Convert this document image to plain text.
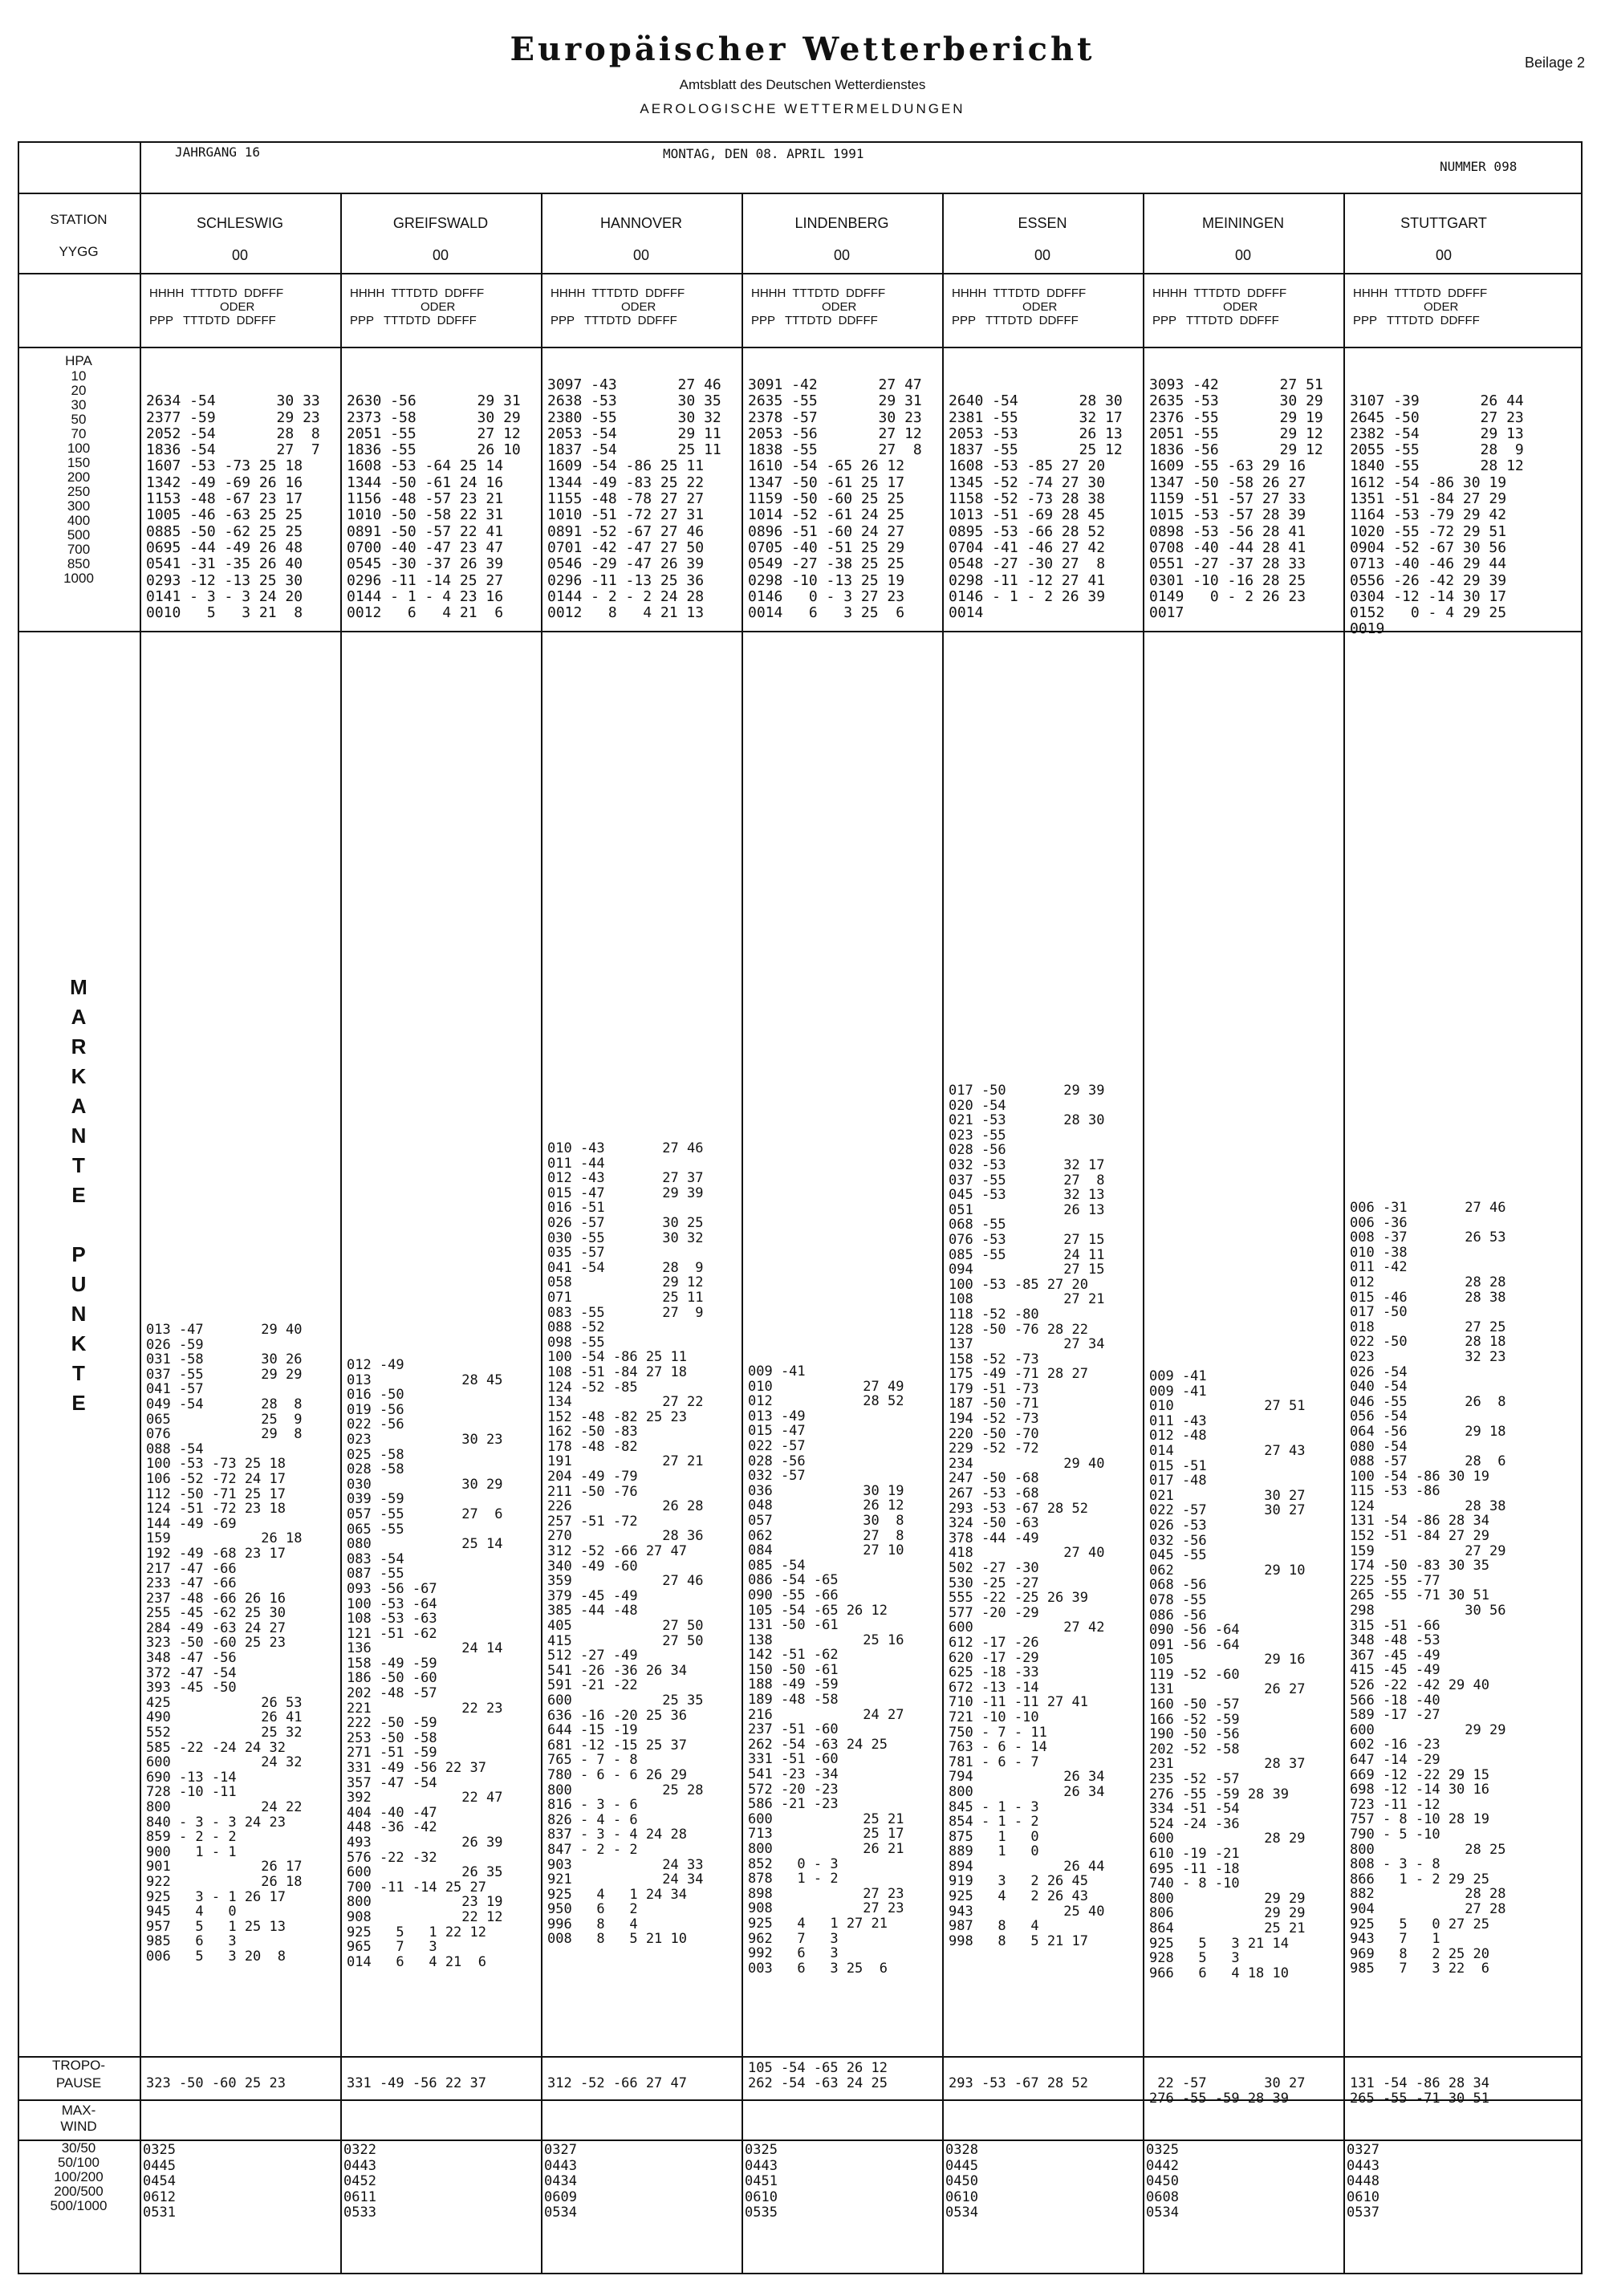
Europäischer Wetterbericht
Amtsblatt des Deutschen Wetterdienstes
AEROLOGISCHE WETTERMELDUNGEN
Beilage 2
JAHRGANG 16	MONTAG, DEN 08. APRIL 1991
NUMMER 098
STATION
YYGG
HPA
10
20
30
50
70
100
150
200
250
300
400
500
700
850
1000
M
A
R
K
A
N
T
E

P
U
N
K
T
E
TROPO-
PAUSE
MAX-
WIND
30/50
50/100
100/200
200/500
500/1000
SCHLESWIG
00
HHHH  TTTDTD  DDFFF
ODER
PPP   TTTDTD  DDFFF

2634 -54       30 33
2377 -59       29 23
2052 -54       28  8
1836 -54       27  7
1607 -53 -73 25 18
1342 -49 -69 26 16
1153 -48 -67 23 17
1005 -46 -63 25 25
0885 -50 -62 25 25
0695 -44 -49 26 48
0541 -31 -35 26 40
0293 -12 -13 25 30
0141 - 3 - 3 24 20
0010   5   3 21  8
013 -47       29 40
026 -59
031 -58       30 26
037 -55       29 29
041 -57
049 -54       28  8
065           25  9
076           29  8
088 -54
100 -53 -73 25 18
106 -52 -72 24 17
112 -50 -71 25 17
124 -51 -72 23 18
144 -49 -69
159           26 18
192 -49 -68 23 17
217 -47 -66
233 -47 -66
237 -48 -66 26 16
255 -45 -62 25 30
284 -49 -63 24 27
323 -50 -60 25 23
348 -47 -56
372 -47 -54
393 -45 -50
425           26 53
490           26 41
552           25 32
585 -22 -24 24 32
600           24 32
690 -13 -14
728 -10 -11
800           24 22
840 - 3 - 3 24 23
859 - 2 - 2
900   1 - 1
901           26 17
922           26 18
925   3 - 1 26 17
945   4   0
957   5   1 25 13
985   6   3
006   5   3 20  8

323 -50 -60 25 23
0325
0445
0454
0612
0531
GREIFSWALD
00
HHHH  TTTDTD  DDFFF
ODER
PPP   TTTDTD  DDFFF

2630 -56       29 31
2373 -58       30 29
2051 -55       27 12
1836 -55       26 10
1608 -53 -64 25 14
1344 -50 -61 24 16
1156 -48 -57 23 21
1010 -50 -58 22 31
0891 -50 -57 22 41
0700 -40 -47 23 47
0545 -30 -37 26 39
0296 -11 -14 25 27
0144 - 1 - 4 23 16
0012   6   4 21  6
012 -49
013           28 45
016 -50
019 -56
022 -56
023           30 23
025 -58
028 -58
030           30 29
039 -59
057 -55       27  6
065 -55
080           25 14
083 -54
087 -55
093 -56 -67
100 -53 -64
108 -53 -63
121 -51 -62
136           24 14
158 -49 -59
186 -50 -60
202 -48 -57
221           22 23
222 -50 -59
253 -50 -58
271 -51 -59
331 -49 -56 22 37
357 -47 -54
392           22 47
404 -40 -47
448 -36 -42
493           26 39
576 -22 -32
600           26 35
700 -11 -14 25 27
800           23 19
908           22 12
925   5   1 22 12
965   7   3
014   6   4 21  6

331 -49 -56 22 37
0322
0443
0452
0611
0533
HANNOVER
00
HHHH  TTTDTD  DDFFF
ODER
PPP   TTTDTD  DDFFF
3097 -43       27 46
2638 -53       30 35
2380 -55       30 32
2053 -54       29 11
1837 -54       25 11
1609 -54 -86 25 11
1344 -49 -83 25 22
1155 -48 -78 27 27
1010 -51 -72 27 31
0891 -52 -67 27 46
0701 -42 -47 27 50
0546 -29 -47 26 39
0296 -11 -13 25 36
0144 - 2 - 2 24 28
0012   8   4 21 13
010 -43       27 46
011 -44
012 -43       27 37
015 -47       29 39
016 -51
026 -57       30 25
030 -55       30 32
035 -57
041 -54       28  9
058           29 12
071           25 11
083 -55       27  9
088 -52
098 -55
100 -54 -86 25 11
108 -51 -84 27 18
124 -52 -85
134           27 22
152 -48 -82 25 23
162 -50 -83
178 -48 -82
191           27 21
204 -49 -79
211 -50 -76
226           26 28
257 -51 -72
270           28 36
312 -52 -66 27 47
340 -49 -60
359           27 46
379 -45 -49
385 -44 -48
405           27 50
415           27 50
512 -27 -49
541 -26 -36 26 34
591 -21 -22
600           25 35
636 -16 -20 25 36
644 -15 -19
681 -12 -15 25 37
765 - 7 - 8
780 - 6 - 6 26 29
800           25 28
816 - 3 - 6
826 - 4 - 6
837 - 3 - 4 24 28
847 - 2 - 2
903           24 33
921           24 34
925   4   1 24 34
950   6   2
996   8   4
008   8   5 21 10

312 -52 -66 27 47
0327
0443
0434
0609
0534
LINDENBERG
00
HHHH  TTTDTD  DDFFF
ODER
PPP   TTTDTD  DDFFF
3091 -42       27 47
2635 -55       29 31
2378 -57       30 23
2053 -56       27 12
1838 -55       27  8
1610 -54 -65 26 12
1347 -50 -61 25 17
1159 -50 -60 25 25
1014 -52 -61 24 25
0896 -51 -60 24 27
0705 -40 -51 25 29
0549 -27 -38 25 25
0298 -10 -13 25 19
0146   0 - 3 27 23
0014   6   3 25  6
009 -41
010           27 49
012           28 52
013 -49
015 -47
022 -57
028 -56
032 -57
036           30 19
048           26 12
057           30  8
062           27  8
084           27 10
085 -54
086 -54 -65
090 -55 -66
105 -54 -65 26 12
131 -50 -61
138           25 16
142 -51 -62
150 -50 -61
188 -49 -59
189 -48 -58
216           24 27
237 -51 -60
262 -54 -63 24 25
331 -51 -60
541 -23 -34
572 -20 -23
586 -21 -23
600           25 21
713           25 17
800           26 21
852   0 - 3
878   1 - 2
898           27 23
908           27 23
925   4   1 27 21
962   7   3
992   6   3
003   6   3 25  6
105 -54 -65 26 12
262 -54 -63 24 25
0325
0443
0451
0610
0535
ESSEN
00
HHHH  TTTDTD  DDFFF
ODER
PPP   TTTDTD  DDFFF

2640 -54       28 30
2381 -55       32 17
2053 -53       26 13
1837 -55       25 12
1608 -53 -85 27 20
1345 -52 -74 27 30
1158 -52 -73 28 38
1013 -51 -69 28 45
0895 -53 -66 28 52
0704 -41 -46 27 42
0548 -27 -30 27  8
0298 -11 -12 27 41
0146 - 1 - 2 26 39
0014
017 -50       29 39
020 -54
021 -53       28 30
023 -55
028 -56
032 -53       32 17
037 -55       27  8
045 -53       32 13
051           26 13
068 -55
076 -53       27 15
085 -55       24 11
094           27 15
100 -53 -85 27 20
108           27 21
118 -52 -80
128 -50 -76 28 22
137           27 34
158 -52 -73
175 -49 -71 28 27
179 -51 -73
187 -50 -71
194 -52 -73
220 -50 -70
229 -52 -72
234           29 40
247 -50 -68
267 -53 -68
293 -53 -67 28 52
324 -50 -63
378 -44 -49
418           27 40
502 -27 -30
530 -25 -27
555 -22 -25 26 39
577 -20 -29
600           27 42
612 -17 -26
620 -17 -29
625 -18 -33
672 -13 -14
710 -11 -11 27 41
721 -10 -10
750 - 7 - 11
763 - 6 - 14
781 - 6 - 7
794           26 34
800           26 34
845 - 1 - 3
854 - 1 - 2
875   1   0
889   1   0
894           26 44
919   3   2 26 45
925   4   2 26 43
943           25 40
987   8   4
998   8   5 21 17

293 -53 -67 28 52
0328
0445
0450
0610
0534
MEININGEN
00
HHHH  TTTDTD  DDFFF
ODER
PPP   TTTDTD  DDFFF
3093 -42       27 51
2635 -53       30 29
2376 -55       29 19
2051 -55       29 12
1836 -56       29 12
1609 -55 -63 29 16
1347 -50 -58 26 27
1159 -51 -57 27 33
1015 -53 -57 28 39
0898 -53 -56 28 41
0708 -40 -44 28 41
0551 -27 -37 28 33
0301 -10 -16 28 25
0149   0 - 2 26 23
0017
009 -41
009 -41
010           27 51
011 -43
012 -48
014           27 43
015 -51
017 -48
021           30 27
022 -57       30 27
026 -53
032 -56
045 -55
062           29 10
068 -56
078 -55
086 -56
090 -56 -64
091 -56 -64
105           29 16
119 -52 -60
131           26 27
160 -50 -57
166 -52 -59
190 -50 -56
202 -52 -58
231           28 37
235 -52 -57
276 -55 -59 28 39
334 -51 -54
524 -24 -36
600           28 29
610 -19 -21
695 -11 -18
740 - 8 -10
800           29 29
806           29 29
864           25 21
925   5   3 21 14
928   5   3
966   6   4 18 10

22 -57       30 27
276 -55 -59 28 39
0325
0442
0450
0608
0534
STUTTGART
00
HHHH  TTTDTD  DDFFF
ODER
PPP   TTTDTD  DDFFF

3107 -39       26 44
2645 -50       27 23
2382 -54       29 13
2055 -55       28  9
1840 -55       28 12
1612 -54 -86 30 19
1351 -51 -84 27 29
1164 -53 -79 29 42
1020 -55 -72 29 51
0904 -52 -67 30 56
0713 -40 -46 29 44
0556 -26 -42 29 39
0304 -12 -14 30 17
0152   0 - 4 29 25
0019
006 -31       27 46
006 -36
008 -37       26 53
010 -38
011 -42
012           28 28
015 -46       28 38
017 -50
018           27 25
022 -50       28 18
023           32 23
026 -54
040 -54
046 -55       26  8
056 -54
064 -56       29 18
080 -54
088 -57       28  6
100 -54 -86 30 19
115 -53 -86
124           28 38
131 -54 -86 28 34
152 -51 -84 27 29
159           27 29
174 -50 -83 30 35
225 -55 -77
265 -55 -71 30 51
298           30 56
315 -51 -66
348 -48 -53
367 -45 -49
415 -45 -49
526 -22 -42 29 40
566 -18 -40
589 -17 -27
600           29 29
602 -16 -23
647 -14 -29
669 -12 -22 29 15
698 -12 -14 30 16
723 -11 -12
757 - 8 -10 28 19
790 - 5 -10
800           28 25
808 - 3 - 8
866   1 - 2 29 25
882           28 28
904           27 28
925   5   0 27 25
943   7   1
969   8   2 25 20
985   7   3 22  6

131 -54 -86 28 34
265 -55 -71 30 51
0327
0443
0448
0610
0537
